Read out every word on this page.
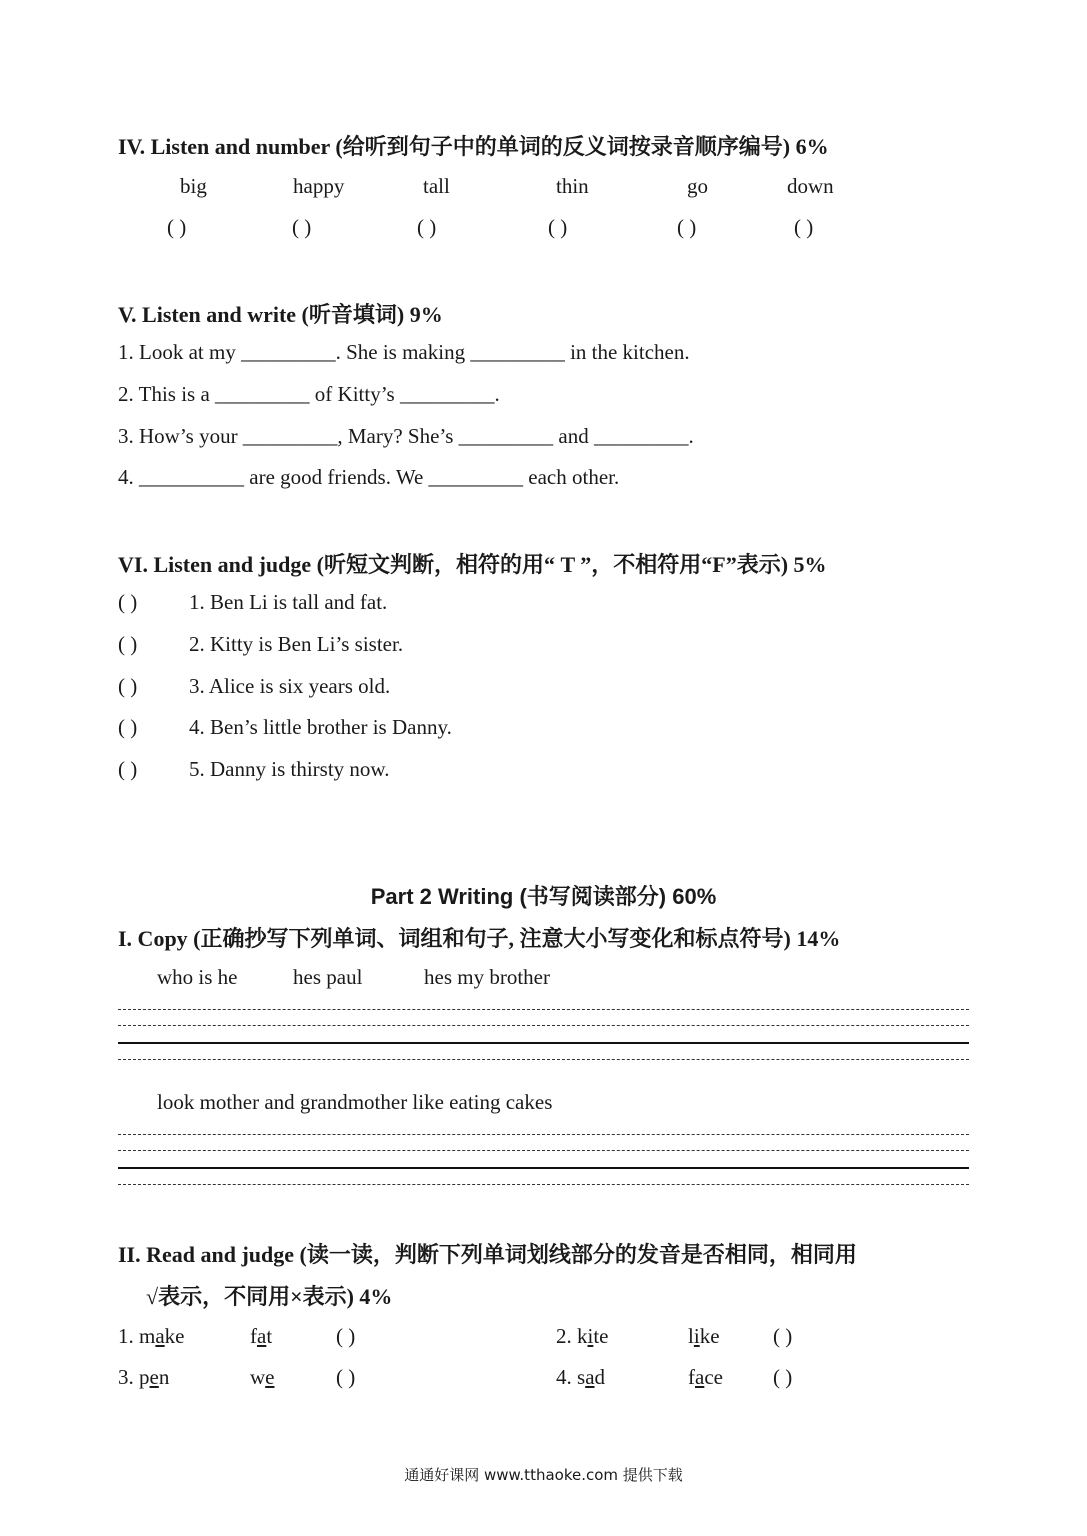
IV. Listen and number (给听到句子中的单词的反义词按录音顺序编号) 6%
big	happy	tall	thin	go	down
( )	( )	( )	( )	( )	( )
V. Listen and write (听音填词) 9%
1. Look at my _________. She is making _________ in the kitchen.
2. This is a _________ of Kitty’s _________.
3. How’s your _________, Mary? She’s _________ and _________.
4. __________ are good friends. We _________ each other.
VI. Listen and judge (听短文判断，相符的用“ T ”，不相符用“F”表示) 5%
( ) 1. Ben Li is tall and fat.
( ) 2. Kitty is Ben Li’s sister.
( ) 3. Alice is six years old.
( ) 4. Ben’s little brother is Danny.
( ) 5. Danny is thirsty now.
Part 2 Writing (书写阅读部分) 60%
I. Copy (正确抄写下列单词、词组和句子, 注意大小写变化和标点符号) 14%
who is he	hes paul	hes my brother
look mother and grandmother like eating cakes
II. Read and judge (读一读，判断下列单词划线部分的发音是否相同，相同用
√表示，不同用×表示) 4%
1. make	fat	( )	2. kite	like	( )
3. pen	we	( )	4. sad	face ( )
通通好课网 www.tthaoke.com 提供下载
